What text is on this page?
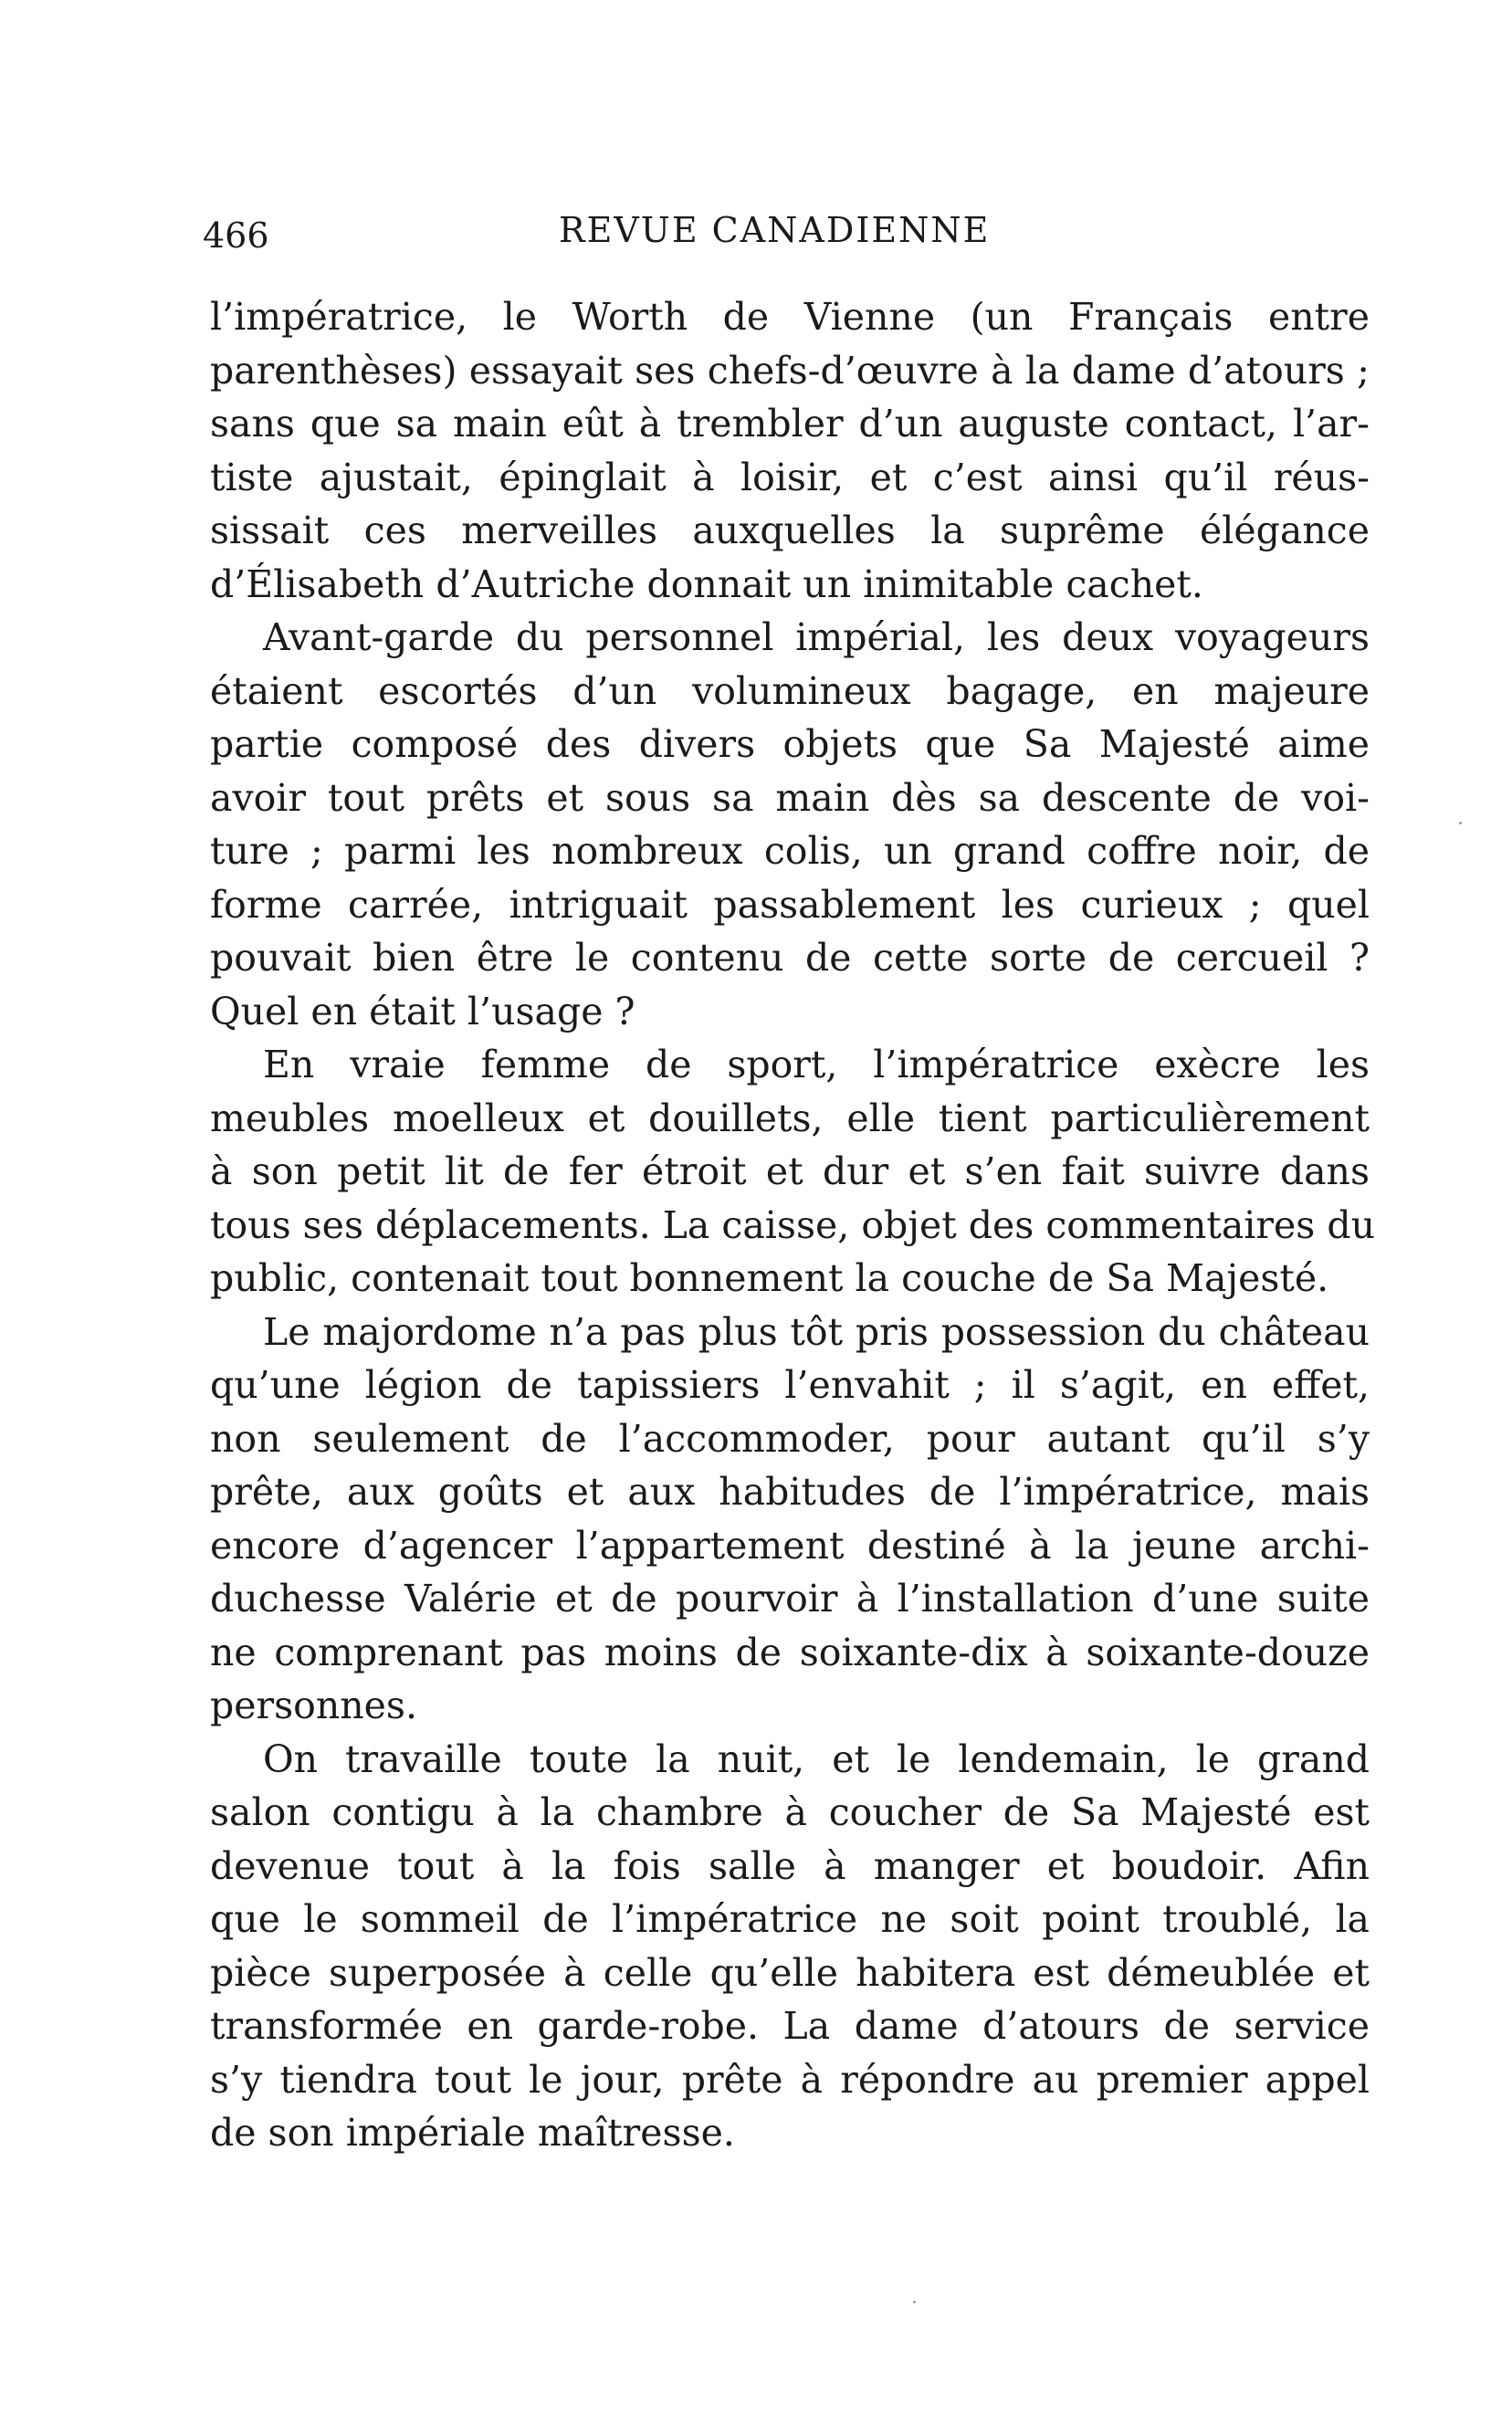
466	REVUE CANADIENNE
l’impératrice, le Worth de Vienne (un Français entre
parenthèses) essayait ses chefs-d’œuvre à la dame d’atours ;
sans que sa main eût à trembler d’un auguste contact, l’ar-
tiste ajustait, épinglait à loisir, et c’est ainsi qu’il réus-
sissait ces merveilles auxquelles la suprême élégance
d’Élisabeth d’Autriche donnait un inimitable cachet.
Avant-garde du personnel impérial, les deux voyageurs
étaient escortés d’un volumineux bagage, en majeure
partie composé des divers objets que Sa Majesté aime
avoir tout prêts et sous sa main dès sa descente de voi-
ture ; parmi les nombreux colis, un grand coffre noir, de
forme carrée, intriguait passablement les curieux ; quel
pouvait bien être le contenu de cette sorte de cercueil ?
Quel en était l’usage ?
En vraie femme de sport, l’impératrice exècre les
meubles moelleux et douillets, elle tient particulièrement
à son petit lit de fer étroit et dur et s’en fait suivre dans
tous ses déplacements. La caisse, objet des commentaires du
public, contenait tout bonnement la couche de Sa Majesté.
Le majordome n’a pas plus tôt pris possession du château
qu’une légion de tapissiers l’envahit ; il s’agit, en effet,
non seulement de l’accommoder, pour autant qu’il s’y
prête, aux goûts et aux habitudes de l’impératrice, mais
encore d’agencer l’appartement destiné à la jeune archi-
duchesse Valérie et de pourvoir à l’installation d’une suite
ne comprenant pas moins de soixante-dix à soixante-douze
personnes.
On travaille toute la nuit, et le lendemain, le grand
salon contigu à la chambre à coucher de Sa Majesté est
devenue tout à la fois salle à manger et boudoir. Afin
que le sommeil de l’impératrice ne soit point troublé, la
pièce superposée à celle qu’elle habitera est démeublée et
transformée en garde-robe. La dame d’atours de service
s’y tiendra tout le jour, prête à répondre au premier appel
de son impériale maîtresse.
